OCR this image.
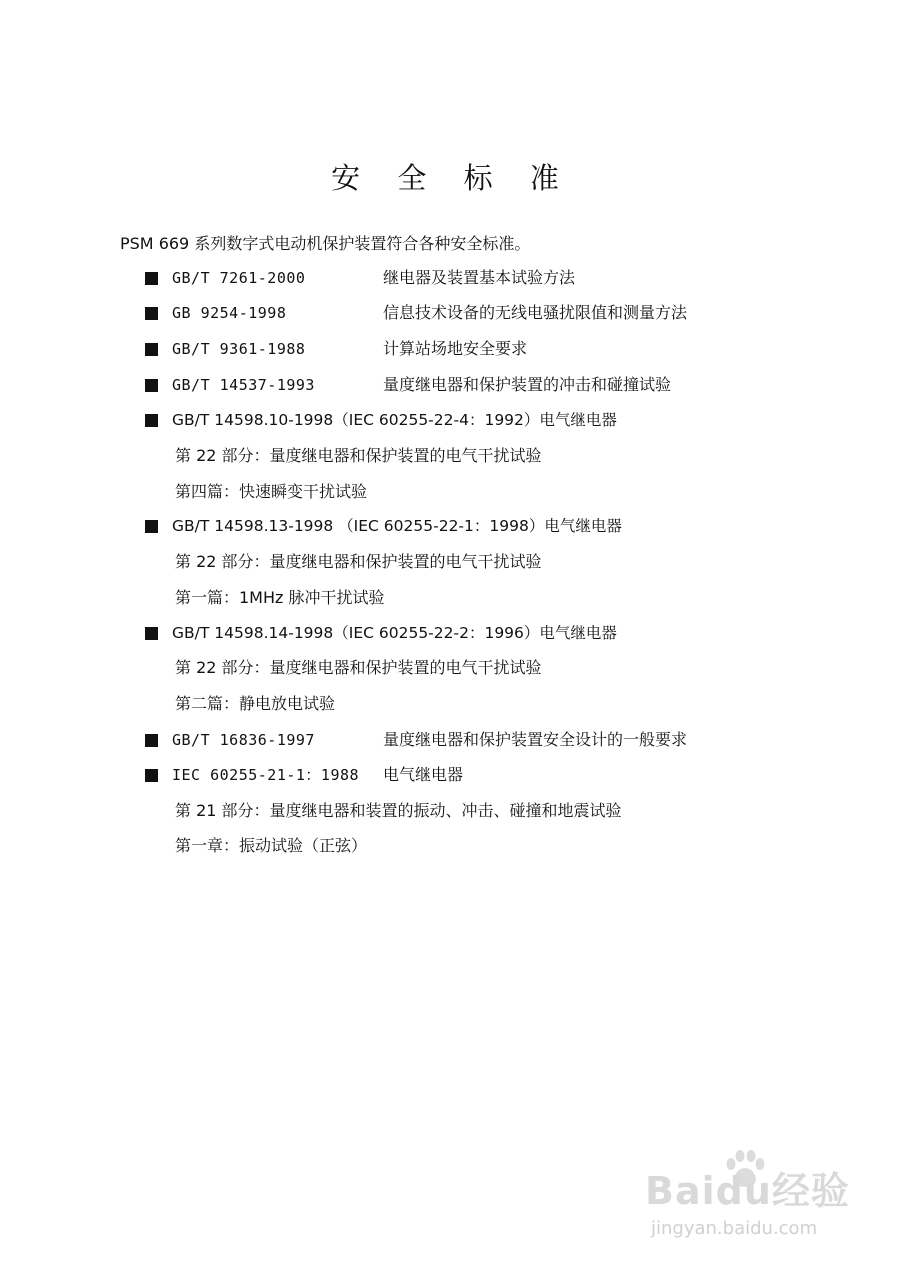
安 全 标 准
PSM 669 系列数字式电动机保护装置符合各种安全标准。
GB/T 7261-2000	继电器及装置基本试验方法
GB 9254-1998	信息技术设备的无线电骚扰限值和测量方法
GB/T 9361-1988	计算站场地安全要求
GB/T 14537-1993	量度继电器和保护装置的冲击和碰撞试验
GB/T 14598.10-1998（IEC 60255-22-4：1992）电气继电器
第 22 部分：量度继电器和保护装置的电气干扰试验
第四篇：快速瞬变干扰试验
GB/T 14598.13-1998 （IEC 60255-22-1：1998）电气继电器
第 22 部分：量度继电器和保护装置的电气干扰试验
第一篇：1MHz 脉冲干扰试验
GB/T 14598.14-1998（IEC 60255-22-2：1996）电气继电器
第 22 部分：量度继电器和保护装置的电气干扰试验
第二篇：静电放电试验
GB/T 16836-1997	量度继电器和保护装置安全设计的一般要求
IEC 60255-21-1：1988 电气继电器
第 21 部分：量度继电器和装置的振动、冲击、碰撞和地震试验
第一章：振动试验（正弦）
Baidu经验
jingyan.baidu.com
